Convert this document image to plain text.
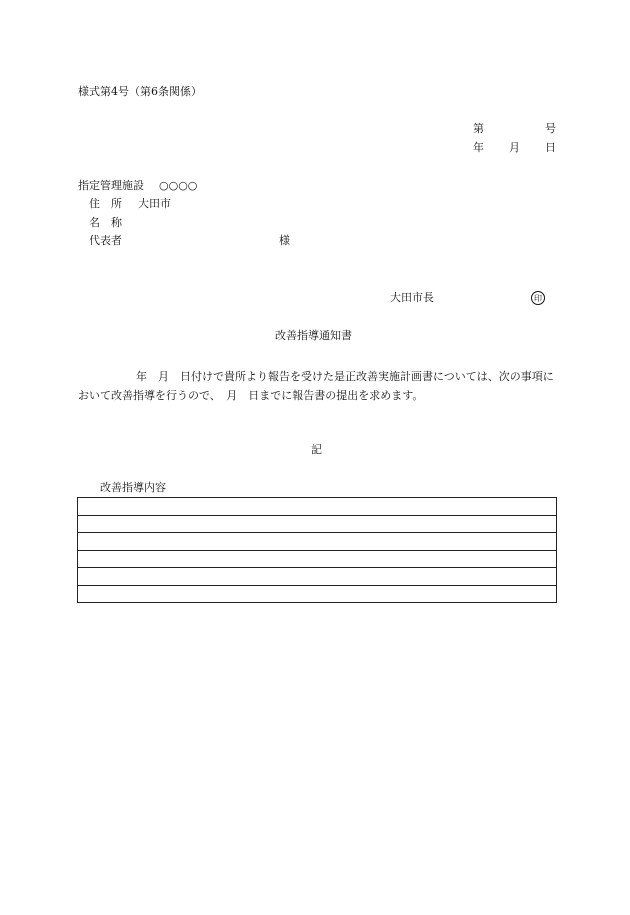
様式第4号（第6条関係）
第	号
年 月 日
指定管理施設 ○○○○
住　所 大田市
名　称
代表者	様
大田市長	印
改善指導通知書
年　月　日付けで貴所より報告を受けた是正改善実施計画書については、次の事項において改善指導を行うので、　月　日までに報告書の提出を求めます。
記
改善指導内容
